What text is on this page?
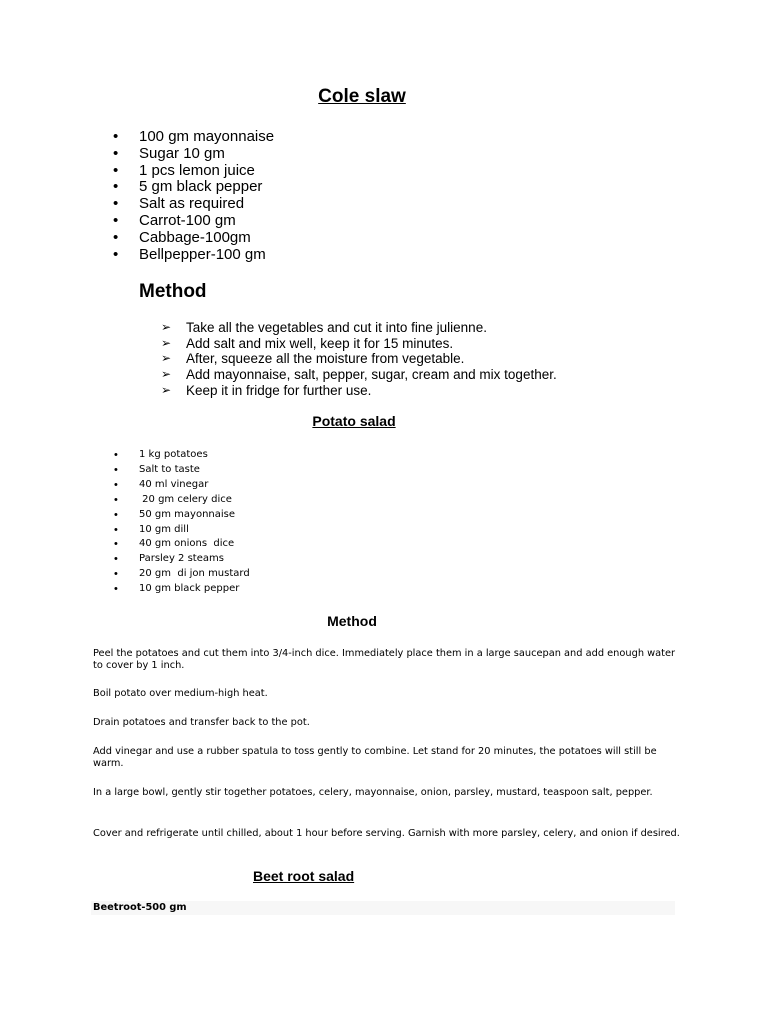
Cole slaw
• 100 gm mayonnaise
• Sugar 10 gm
• 1 pcs lemon juice
• 5 gm black pepper
• Salt as required
• Carrot-100 gm
• Cabbage-100gm
• Bellpepper-100 gm
Method
➢ Take all the vegetables and cut it into fine julienne.
➢ Add salt and mix well, keep it for 15 minutes.
➢ After, squeeze all the moisture from vegetable.
➢ Add mayonnaise, salt, pepper, sugar, cream and mix together.
➢ Keep it in fridge for further use.
Potato salad
• 1 kg potatoes
• Salt to taste
• 40 ml vinegar
•  20 gm celery dice
• 50 gm mayonnaise
• 10 gm dill
• 40 gm onions  dice
• Parsley 2 steams
• 20 gm  di jon mustard
• 10 gm black pepper
Method

Peel the potatoes and cut them into 3/4-inch dice. Immediately place them in a large saucepan and add enough water to cover by 1 inch.

Boil potato over medium-high heat.

Drain potatoes and transfer back to the pot.

Add vinegar and use a rubber spatula to toss gently to combine. Let stand for 20 minutes, the potatoes will still be warm.

In a large bowl, gently stir together potatoes, celery, mayonnaise, onion, parsley, mustard, teaspoon salt, pepper.

Cover and refrigerate until chilled, about 1 hour before serving. Garnish with more parsley, celery, and onion if desired.

Beet root salad
Beetroot-500 gm
